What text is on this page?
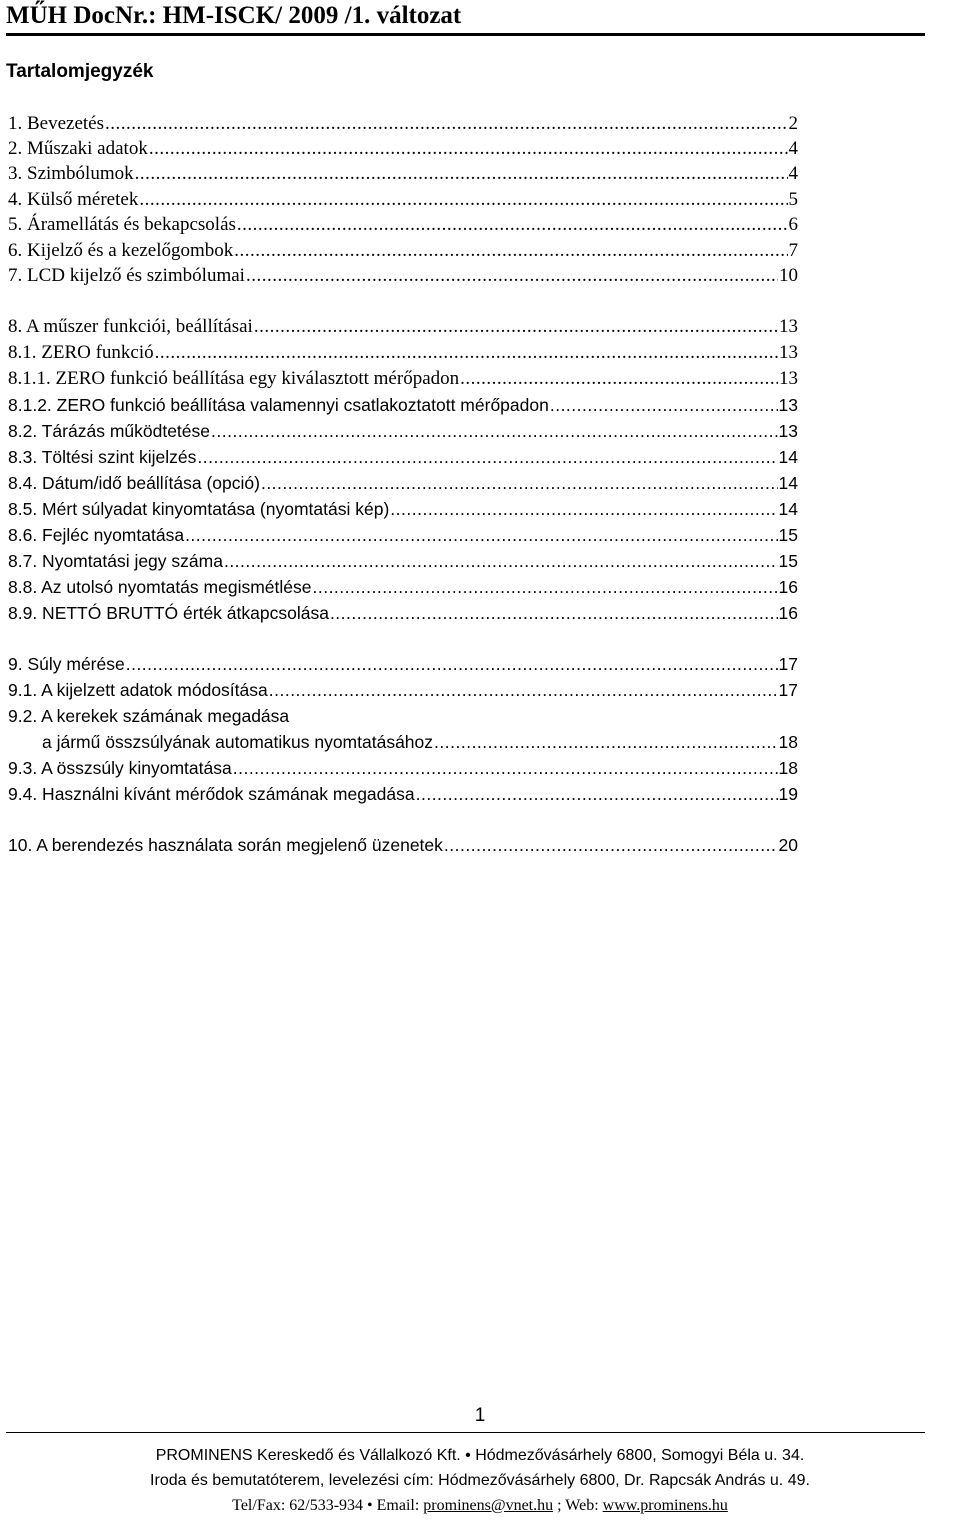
MŰH DocNr.: HM-ISCK/ 2009 /1. változat
Tartalomjegyzék
1. Bevezetés .....	2
2. Műszaki adatok .....	4
3. Szimbólumok .....	4
4. Külső méretek .....	5
5. Áramellátás és bekapcsolás .....	6
6. Kijelző és a kezelőgombok .....	7
7. LCD kijelző és szimbólumai .....	10
8. A műszer funkciói, beállításai .....	13
8.1. ZERO funkció .....	13
8.1.1. ZERO funkció beállítása egy kiválasztott mérőpadon .....	13
8.1.2. ZERO funkció beállítása valamennyi csatlakoztatott mérőpadon .....	13
8.2. Tárázás működtetése .....	13
8.3. Töltési szint kijelzés .....	14
8.4. Dátum/idő beállítása (opció) .....	14
8.5. Mért súlyadat kinyomtatása (nyomtatási kép) .....	14
8.6. Fejléc nyomtatása .....	15
8.7. Nyomtatási jegy száma .....	15
8.8. Az utolsó nyomtatás megismétlése .....	16
8.9. NETTÓ BRUTTÓ érték átkapcsolása .....	16
9. Súly mérése .....	17
9.1. A kijelzett adatok módosítása .....	17
9.2. A kerekek számának megadása
a jármű összsúlyának automatikus nyomtatásához .....	18
9.3. A összsúly kinyomtatása .....	18
9.4. Használni kívánt mérődok számának megadása .....	19
10. A berendezés használata során megjelenő üzenetek .....	20
1
PROMINENS Kereskedő és Vállalkozó Kft. • Hódmezővásárhely 6800, Somogyi Béla u. 34.
Iroda és bemutatóterem, levelezési cím: Hódmezővásárhely 6800, Dr. Rapcsák András u. 49.
Tel/Fax: 62/533-934 • Email: prominens@vnet.hu ; Web: www.prominens.hu
